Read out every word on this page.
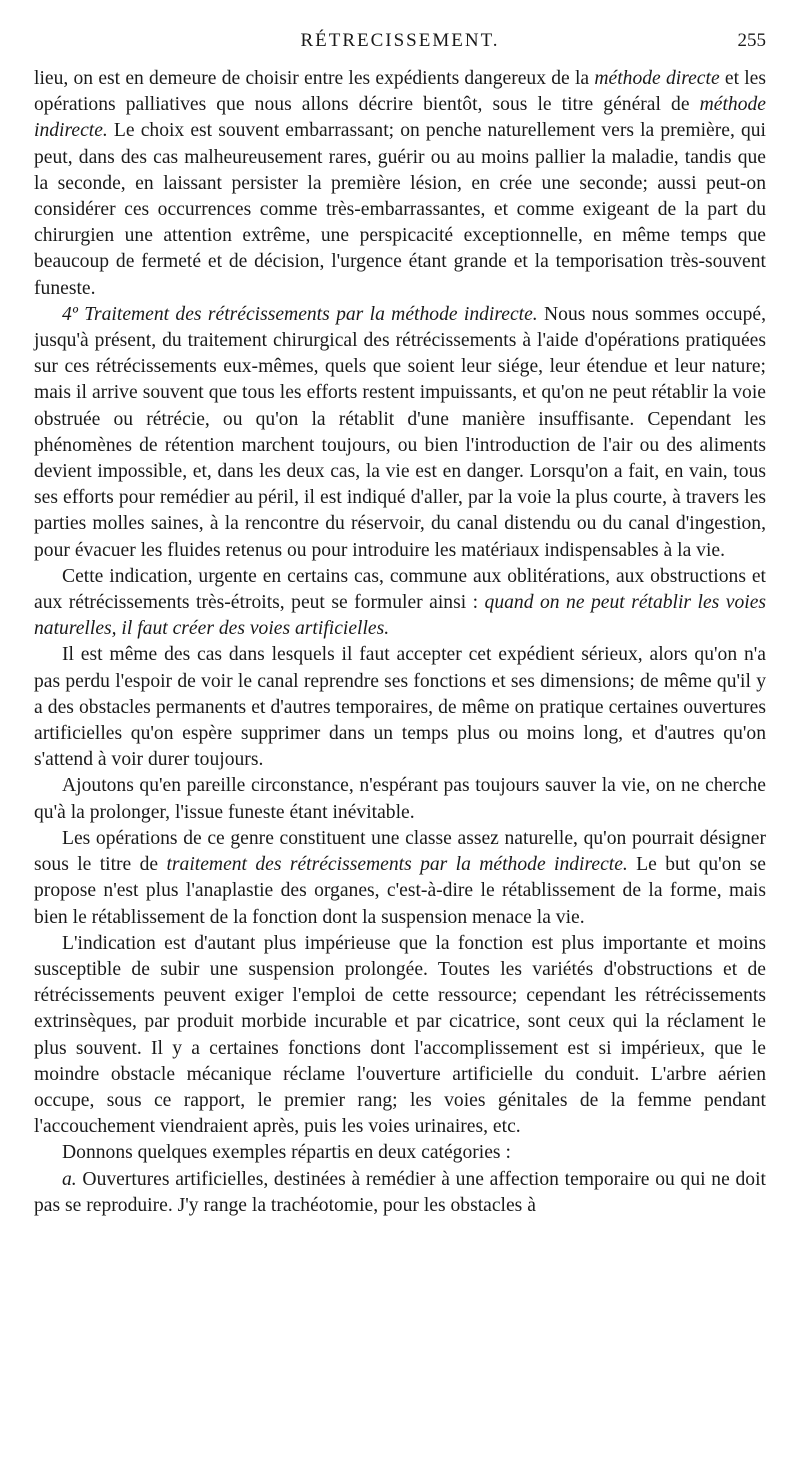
RÉTRECISSEMENT.	255

lieu, on est en demeure de choisir entre les expédients dangereux de la méthode directe et les opérations palliatives que nous allons décrire bientôt, sous le titre général de méthode indirecte. Le choix est souvent embarrassant; on penche naturellement vers la première, qui peut, dans des cas malheureusement rares, guérir ou au moins pallier la maladie, tandis que la seconde, en laissant persister la première lésion, en crée une seconde; aussi peut-on considérer ces occurrences comme très-embarrassantes, et comme exigeant de la part du chirurgien une attention extrême, une perspicacité exceptionnelle, en même temps que beaucoup de fermeté et de décision, l'urgence étant grande et la temporisation très-souvent funeste.

4º Traitement des rétrécissements par la méthode indirecte. Nous nous sommes occupé, jusqu'à présent, du traitement chirurgical des rétrécissements à l'aide d'opérations pratiquées sur ces rétrécissements eux-mêmes, quels que soient leur siége, leur étendue et leur nature; mais il arrive souvent que tous les efforts restent impuissants, et qu'on ne peut rétablir la voie obstruée ou rétrécie, ou qu'on la rétablit d'une manière insuffisante. Cependant les phénomènes de rétention marchent toujours, ou bien l'introduction de l'air ou des aliments devient impossible, et, dans les deux cas, la vie est en danger. Lorsqu'on a fait, en vain, tous ses efforts pour remédier au péril, il est indiqué d'aller, par la voie la plus courte, à travers les parties molles saines, à la rencontre du réservoir, du canal distendu ou du canal d'ingestion, pour évacuer les fluides retenus ou pour introduire les matériaux indispensables à la vie.

Cette indication, urgente en certains cas, commune aux oblitérations, aux obstructions et aux rétrécissements très-étroits, peut se formuler ainsi : quand on ne peut rétablir les voies naturelles, il faut créer des voies artificielles.

Il est même des cas dans lesquels il faut accepter cet expédient sérieux, alors qu'on n'a pas perdu l'espoir de voir le canal reprendre ses fonctions et ses dimensions; de même qu'il y a des obstacles permanents et d'autres temporaires, de même on pratique certaines ouvertures artificielles qu'on espère supprimer dans un temps plus ou moins long, et d'autres qu'on s'attend à voir durer toujours.

Ajoutons qu'en pareille circonstance, n'espérant pas toujours sauver la vie, on ne cherche qu'à la prolonger, l'issue funeste étant inévitable.

Les opérations de ce genre constituent une classe assez naturelle, qu'on pourrait désigner sous le titre de traitement des rétrécissements par la méthode indirecte. Le but qu'on se propose n'est plus l'anaplastie des organes, c'est-à-dire le rétablissement de la forme, mais bien le rétablissement de la fonction dont la suspension menace la vie.

L'indication est d'autant plus impérieuse que la fonction est plus importante et moins susceptible de subir une suspension prolongée. Toutes les variétés d'obstructions et de rétrécissements peuvent exiger l'emploi de cette ressource; cependant les rétrécissements extrinsèques, par produit morbide incurable et par cicatrice, sont ceux qui la réclament le plus souvent. Il y a certaines fonctions dont l'accomplissement est si impérieux, que le moindre obstacle mécanique réclame l'ouverture artificielle du conduit. L'arbre aérien occupe, sous ce rapport, le premier rang; les voies génitales de la femme pendant l'accouchement viendraient après, puis les voies urinaires, etc.

Donnons quelques exemples répartis en deux catégories :

a. Ouvertures artificielles, destinées à remédier à une affection temporaire ou qui ne doit pas se reproduire. J'y range la trachéotomie, pour les obstacles à
